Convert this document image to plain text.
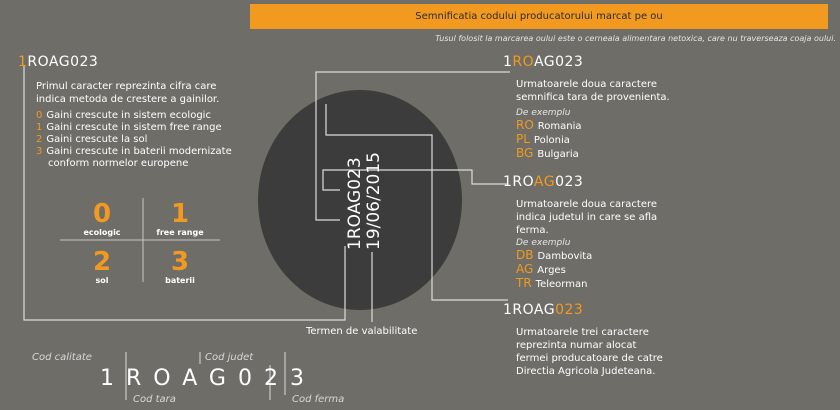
Semnificatia codului producatorului marcat pe ou
Tusul folosit la marcarea oului este o cerneala alimentara netoxica, care nu traverseaza coaja oului.
1ROAG023
Primul caracter reprezinta cifra care
indica metoda de crestere a gainilor.
0 Gaini crescute in sistem ecologic
1 Gaini crescute in sistem free range
2 Gaini crescute la sol
3 Gaini crescute in baterii modernizate
conform normelor europene
0
ecologic
1
free range
2
sol
3
baterii
1ROAG023 19/06/2015
1ROAG023
Urmatoarele doua caractere
semnifica tara de provenienta.
De exemplu
RO Romania
PL Polonia
BG Bulgaria
1ROAG023
Urmatoarele doua caractere
indica judetul in care se afla
ferma.
De exemplu
DB Dambovita
AG Arges
TR Teleorman
1ROAG023
Urmatoarele trei caractere
reprezinta numar alocat
fermei producatoare de catre
Directia Agricola Judeteana.
Termen de valabilitate
Cod calitate	Cod judet
1ROAG023
Cod tara	Cod ferma
